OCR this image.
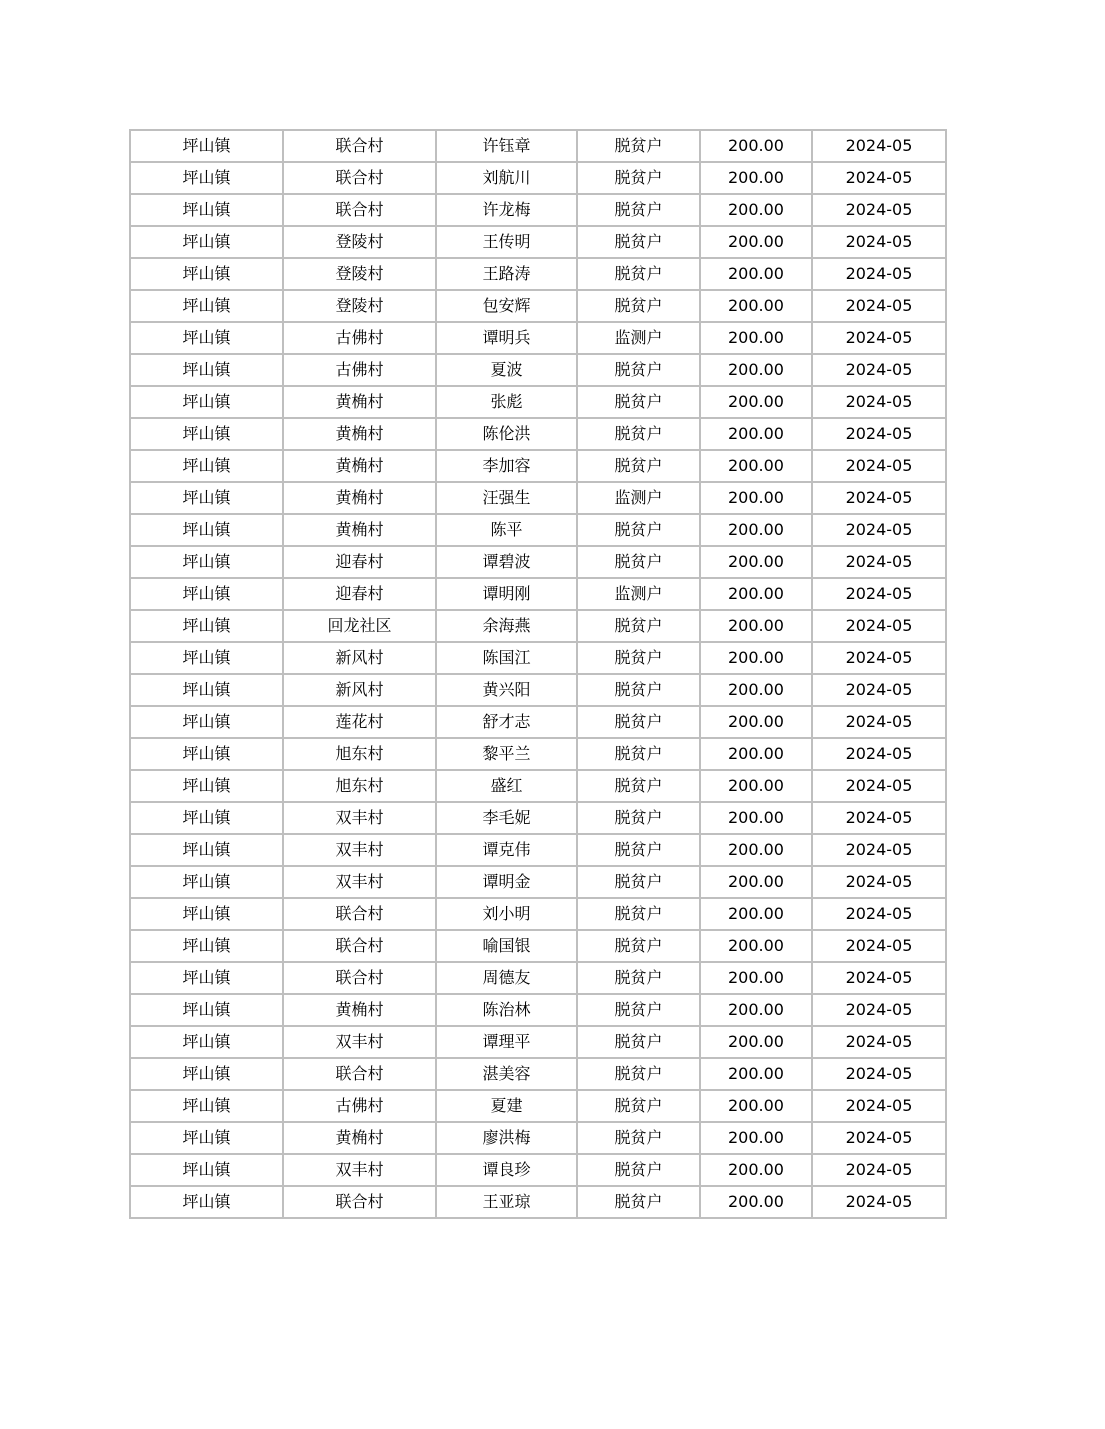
坪山镇	联合村	许钰章	脱贫户	200.00	2024-05
坪山镇	联合村	刘航川	脱贫户	200.00	2024-05
坪山镇	联合村	许龙梅	脱贫户	200.00	2024-05
坪山镇	登陵村	王传明	脱贫户	200.00	2024-05
坪山镇	登陵村	王路涛	脱贫户	200.00	2024-05
坪山镇	登陵村	包安辉	脱贫户	200.00	2024-05
坪山镇	古佛村	谭明兵	监测户	200.00	2024-05
坪山镇	古佛村	夏波	脱贫户	200.00	2024-05
坪山镇	黄桷村	张彪	脱贫户	200.00	2024-05
坪山镇	黄桷村	陈伦洪	脱贫户	200.00	2024-05
坪山镇	黄桷村	李加容	脱贫户	200.00	2024-05
坪山镇	黄桷村	汪强生	监测户	200.00	2024-05
坪山镇	黄桷村	陈平	脱贫户	200.00	2024-05
坪山镇	迎春村	谭碧波	脱贫户	200.00	2024-05
坪山镇	迎春村	谭明刚	监测户	200.00	2024-05
坪山镇	回龙社区	余海燕	脱贫户	200.00	2024-05
坪山镇	新风村	陈国江	脱贫户	200.00	2024-05
坪山镇	新风村	黄兴阳	脱贫户	200.00	2024-05
坪山镇	莲花村	舒才志	脱贫户	200.00	2024-05
坪山镇	旭东村	黎平兰	脱贫户	200.00	2024-05
坪山镇	旭东村	盛红	脱贫户	200.00	2024-05
坪山镇	双丰村	李毛妮	脱贫户	200.00	2024-05
坪山镇	双丰村	谭克伟	脱贫户	200.00	2024-05
坪山镇	双丰村	谭明金	脱贫户	200.00	2024-05
坪山镇	联合村	刘小明	脱贫户	200.00	2024-05
坪山镇	联合村	喻国银	脱贫户	200.00	2024-05
坪山镇	联合村	周德友	脱贫户	200.00	2024-05
坪山镇	黄桷村	陈治林	脱贫户	200.00	2024-05
坪山镇	双丰村	谭理平	脱贫户	200.00	2024-05
坪山镇	联合村	湛美容	脱贫户	200.00	2024-05
坪山镇	古佛村	夏建	脱贫户	200.00	2024-05
坪山镇	黄桷村	廖洪梅	脱贫户	200.00	2024-05
坪山镇	双丰村	谭良珍	脱贫户	200.00	2024-05
坪山镇	联合村	王亚琼	脱贫户	200.00	2024-05
